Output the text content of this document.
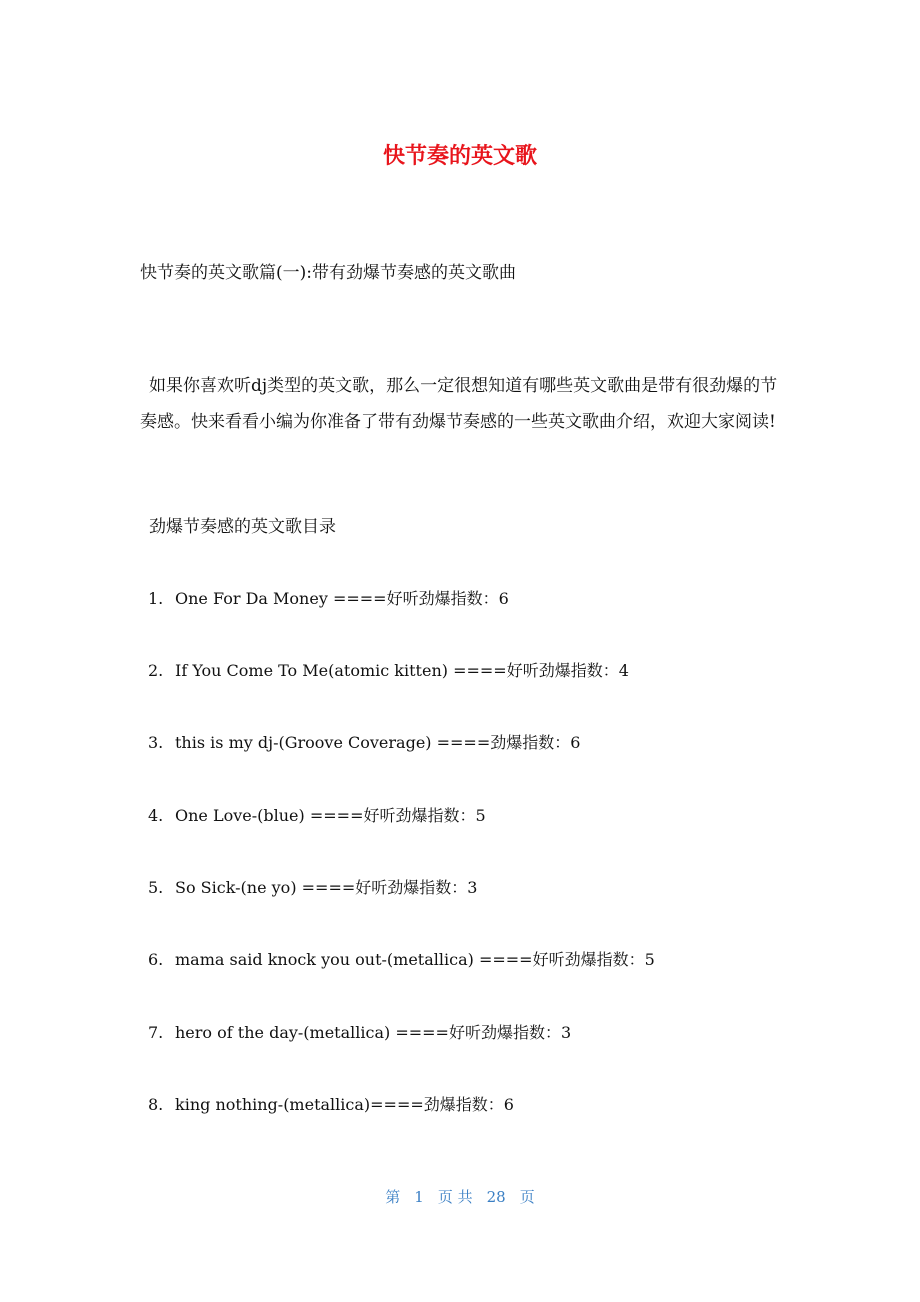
快节奏的英文歌
快节奏的英文歌篇(一):带有劲爆节奏感的英文歌曲

如果你喜欢听dj类型的英文歌，那么一定很想知道有哪些英文歌曲是带有很劲爆的节奏感。快来看看小编为你准备了带有劲爆节奏感的一些英文歌曲介绍，欢迎大家阅读!

劲爆节奏感的英文歌目录
1. One For Da Money ====好听劲爆指数：6
2. If You Come To Me(atomic kitten) ====好听劲爆指数：4
3. this is my dj-(Groove Coverage) ====劲爆指数：6
4. One Love-(blue) ====好听劲爆指数：5
5. So Sick-(ne yo) ====好听劲爆指数：3
6. mama said knock you out-(metallica) ====好听劲爆指数：5
7. hero of the day-(metallica) ====好听劲爆指数：3
8. king nothing-(metallica)====劲爆指数：6
第 1 页 共 28 页
